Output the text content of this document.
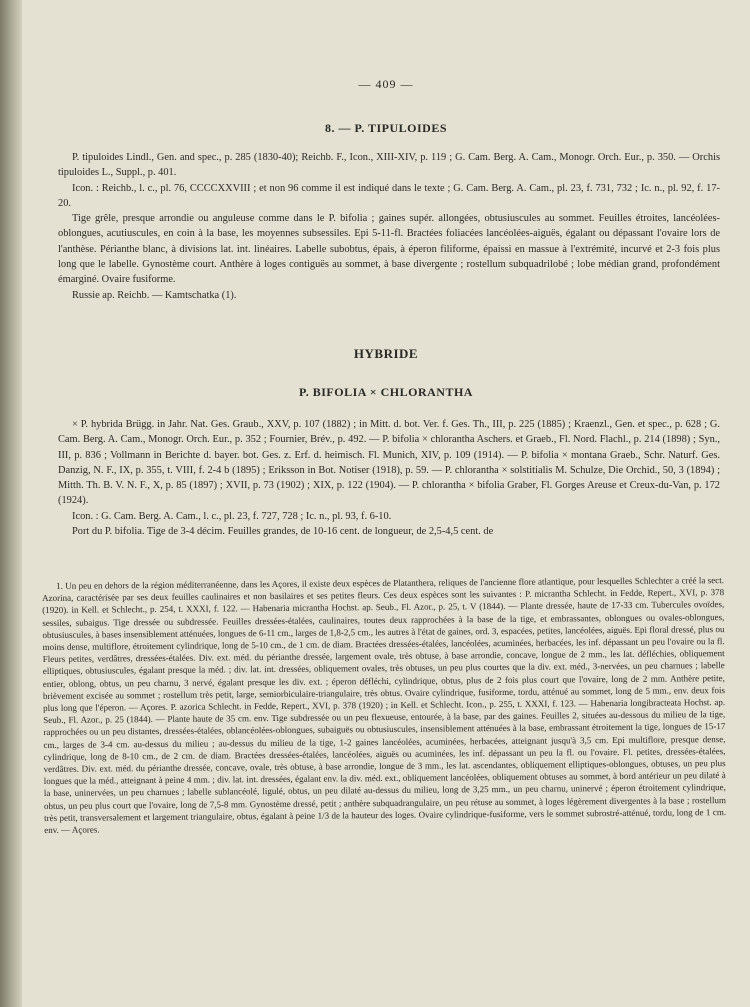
— 409 —
8. — P. TIPULOIDES

P. tipuloides Lindl., Gen. and spec., p. 285 (1830-40); Reichb. F., Icon., XIII-XIV, p. 119 ; G. Cam. Berg. A. Cam., Monogr. Orch. Eur., p. 350. — Orchis tipuloides L., Suppl., p. 401.

Icon. : Reichb., l. c., pl. 76, CCCCXXVIII ; et non 96 comme il est indiqué dans le texte ; G. Cam. Berg. A. Cam., pl. 23, f. 731, 732 ; Ic. n., pl. 92, f. 17-20.

Tige grêle, presque arrondie ou anguleuse comme dans le P. bifolia ; gaines supér. allongées, obtusiuscules au sommet. Feuilles étroites, lancéolées-oblongues, acutiuscules, en coin à la base, les moyennes subsessiles. Epi 5-11-fl. Bractées foliacées lancéolées-aiguës, égalant ou dépassant l'ovaire lors de l'anthèse. Périanthe blanc, à divisions lat. int. linéaires. Labelle subobtus, épais, à éperon filiforme, épaissi en massue à l'extrémité, incurvé et 2-3 fois plus long que le labelle. Gynostème court. Anthère à loges contiguës au sommet, à base divergente ; rostellum subquadrilobé ; lobe médian grand, profondément émarginé. Ovaire fusiforme.

Russie ap. Reichb. — Kamtschatka (1).

HYBRIDE
P. BIFOLIA × CHLORANTHA

× P. hybrida Brügg. in Jahr. Nat. Ges. Graub., XXV, p. 107 (1882) ; in Mitt. d. bot. Ver. f. Ges. Th., III, p. 225 (1885) ; Kraenzl., Gen. et spec., p. 628 ; G. Cam. Berg. A. Cam., Monogr. Orch. Eur., p. 352 ; Fournier, Brév., p. 492. — P. bifolia × chlorantha Aschers. et Graeb., Fl. Nord. Flachl., p. 214 (1898) ; Syn., III, p. 836 ; Vollmann in Berichte d. bayer. bot. Ges. z. Erf. d. heimisch. Fl. Munich, XIV, p. 109 (1914). — P. bifolia × montana Graeb., Schr. Naturf. Ges. Danzig, N. F., IX, p. 355, t. VIII, f. 2-4 b (1895) ; Eriksson in Bot. Notiser (1918), p. 59. — P. chlorantha × solstitialis M. Schulze, Die Orchid., 50, 3 (1894) ; Mitth. Th. B. V. N. F., X, p. 85 (1897) ; XVII, p. 73 (1902) ; XIX, p. 122 (1904). — P. chlorantha × bifolia Graber, Fl. Gorges Areuse et Creux-du-Van, p. 172 (1924).

Icon. : G. Cam. Berg. A. Cam., l. c., pl. 23, f. 727, 728 ; Ic. n., pl. 93, f. 6-10.

Port du P. bifolia. Tige de 3-4 décim. Feuilles grandes, de 10-16 cent. de longueur, de 2,5-4,5 cent. de

1. Un peu en dehors de la région méditerranéenne, dans les Açores, il existe deux espèces de Platanthera, reliques de l'ancienne flore atlantique, pour lesquelles Schlechter a créé la sect. Azorina, caractérisée par ses deux feuilles caulinaires et non basilaires et ses petites fleurs. Ces deux espèces sont les suivantes : P. micrantha Schlecht. in Fedde, Repert., XVI, p. 378 (1920). in Kell. et Schlecht., p. 254, t. XXXI, f. 122. — Habenaria micrantha Hochst. ap. Seub., Fl. Azor., p. 25, t. V (1844). — Plante dressée, haute de 17-33 cm. Tubercules ovoïdes, sessiles, subaigus. Tige dressée ou subdressée. Feuilles dressées-étalées, caulinaires, toutes deux rapprochées à la base de la tige, et embrassantes, oblongues ou ovales-oblongues, obtusiuscules, à bases insensiblement atténuées, longues de 6-11 cm., larges de 1,8-2,5 cm., les autres à l'état de gaines, ord. 3, espacées, petites, lancéolées, aiguës. Epi floral dressé, plus ou moins dense, multiflore, étroitement cylindrique, long de 5-10 cm., de 1 cm. de diam. Bractées dressées-étalées, lancéolées, acuminées, herbacées, les inf. dépassant un peu l'ovaire ou la fl. Fleurs petites, verdâtres, dressées-étalées. Div. ext. méd. du périanthe dressée, largement ovale, très obtuse, à base arrondie, concave, longue de 2 mm., les lat. défléchies, obliquement elliptiques, obtusiuscules, égalant presque la méd. ; div. lat. int. dressées, obliquement ovales, très obtuses, un peu plus courtes que la div. ext. méd., 3-nervées, un peu charnues ; labelle entier, oblong, obtus, un peu charnu, 3 nervé, égalant presque les div. ext. ; éperon défléchi, cylindrique, obtus, plus de 2 fois plus court que l'ovaire, long de 2 mm. Anthère petite, brièvement excisée au sommet ; rostellum très petit, large, semiorbiculaire-triangulaire, très obtus. Ovaire cylindrique, fusiforme, tordu, atténué au sommet, long de 5 mm., env. deux fois plus long que l'éperon. — Açores. P. azorica Schlecht. in Fedde, Repert., XVI, p. 378 (1920) ; in Kell. et Schlecht. Icon., p. 255, t. XXXI, f. 123. — Habenaria longibracteata Hochst. ap. Seub., Fl. Azor., p. 25 (1844). — Plante haute de 35 cm. env. Tige subdressée ou un peu flexueuse, entourée, à la base, par des gaines. Feuilles 2, situées au-dessous du milieu de la tige, rapprochées ou un peu distantes, dressées-étalées, oblancéolées-oblongues, subaiguës ou obtusiuscules, insensiblement atténuées à la base, embrassant étroitement la tige, longues de 15-17 cm., larges de 3-4 cm. au-dessus du milieu ; au-dessus du milieu de la tige, 1-2 gaines lancéolées, acuminées, herbacées, atteignant jusqu'à 3,5 cm. Epi multiflore, presque dense, cylindrique, long de 8-10 cm., de 2 cm. de diam. Bractées dressées-étalées, lancéolées, aiguës ou acuminées, les inf. dépassant un peu la fl. ou l'ovaire. Fl. petites, dressées-étalées, verdâtres. Div. ext. méd. du périanthe dressée, concave, ovale, très obtuse, à base arrondie, longue de 3 mm., les lat. ascendantes, obliquement elliptiques-oblongues, obtuses, un peu plus longues que la méd., atteignant à peine 4 mm. ; div. lat. int. dressées, égalant env. la div. méd. ext., obliquement lancéolées, obliquement obtuses au sommet, à bord antérieur un peu dilaté à la base, uninervées, un peu charnues ; labelle sublancéolé, ligulé, obtus, un peu dilaté au-dessus du milieu, long de 3,25 mm., un peu charnu, uninervé ; éperon étroitement cylindrique, obtus, un peu plus court que l'ovaire, long de 7,5-8 mm. Gynostème dressé, petit ; anthère subquadrangulaire, un peu rétuse au sommet, à loges légèrement divergentes à la base ; rostellum très petit, transversalement et largement triangulaire, obtus, égalant à peine 1/3 de la hauteur des loges. Ovaire cylindrique-fusiforme, vers le sommet subrostré-atténué, tordu, long de 1 cm. env. — Açores.
